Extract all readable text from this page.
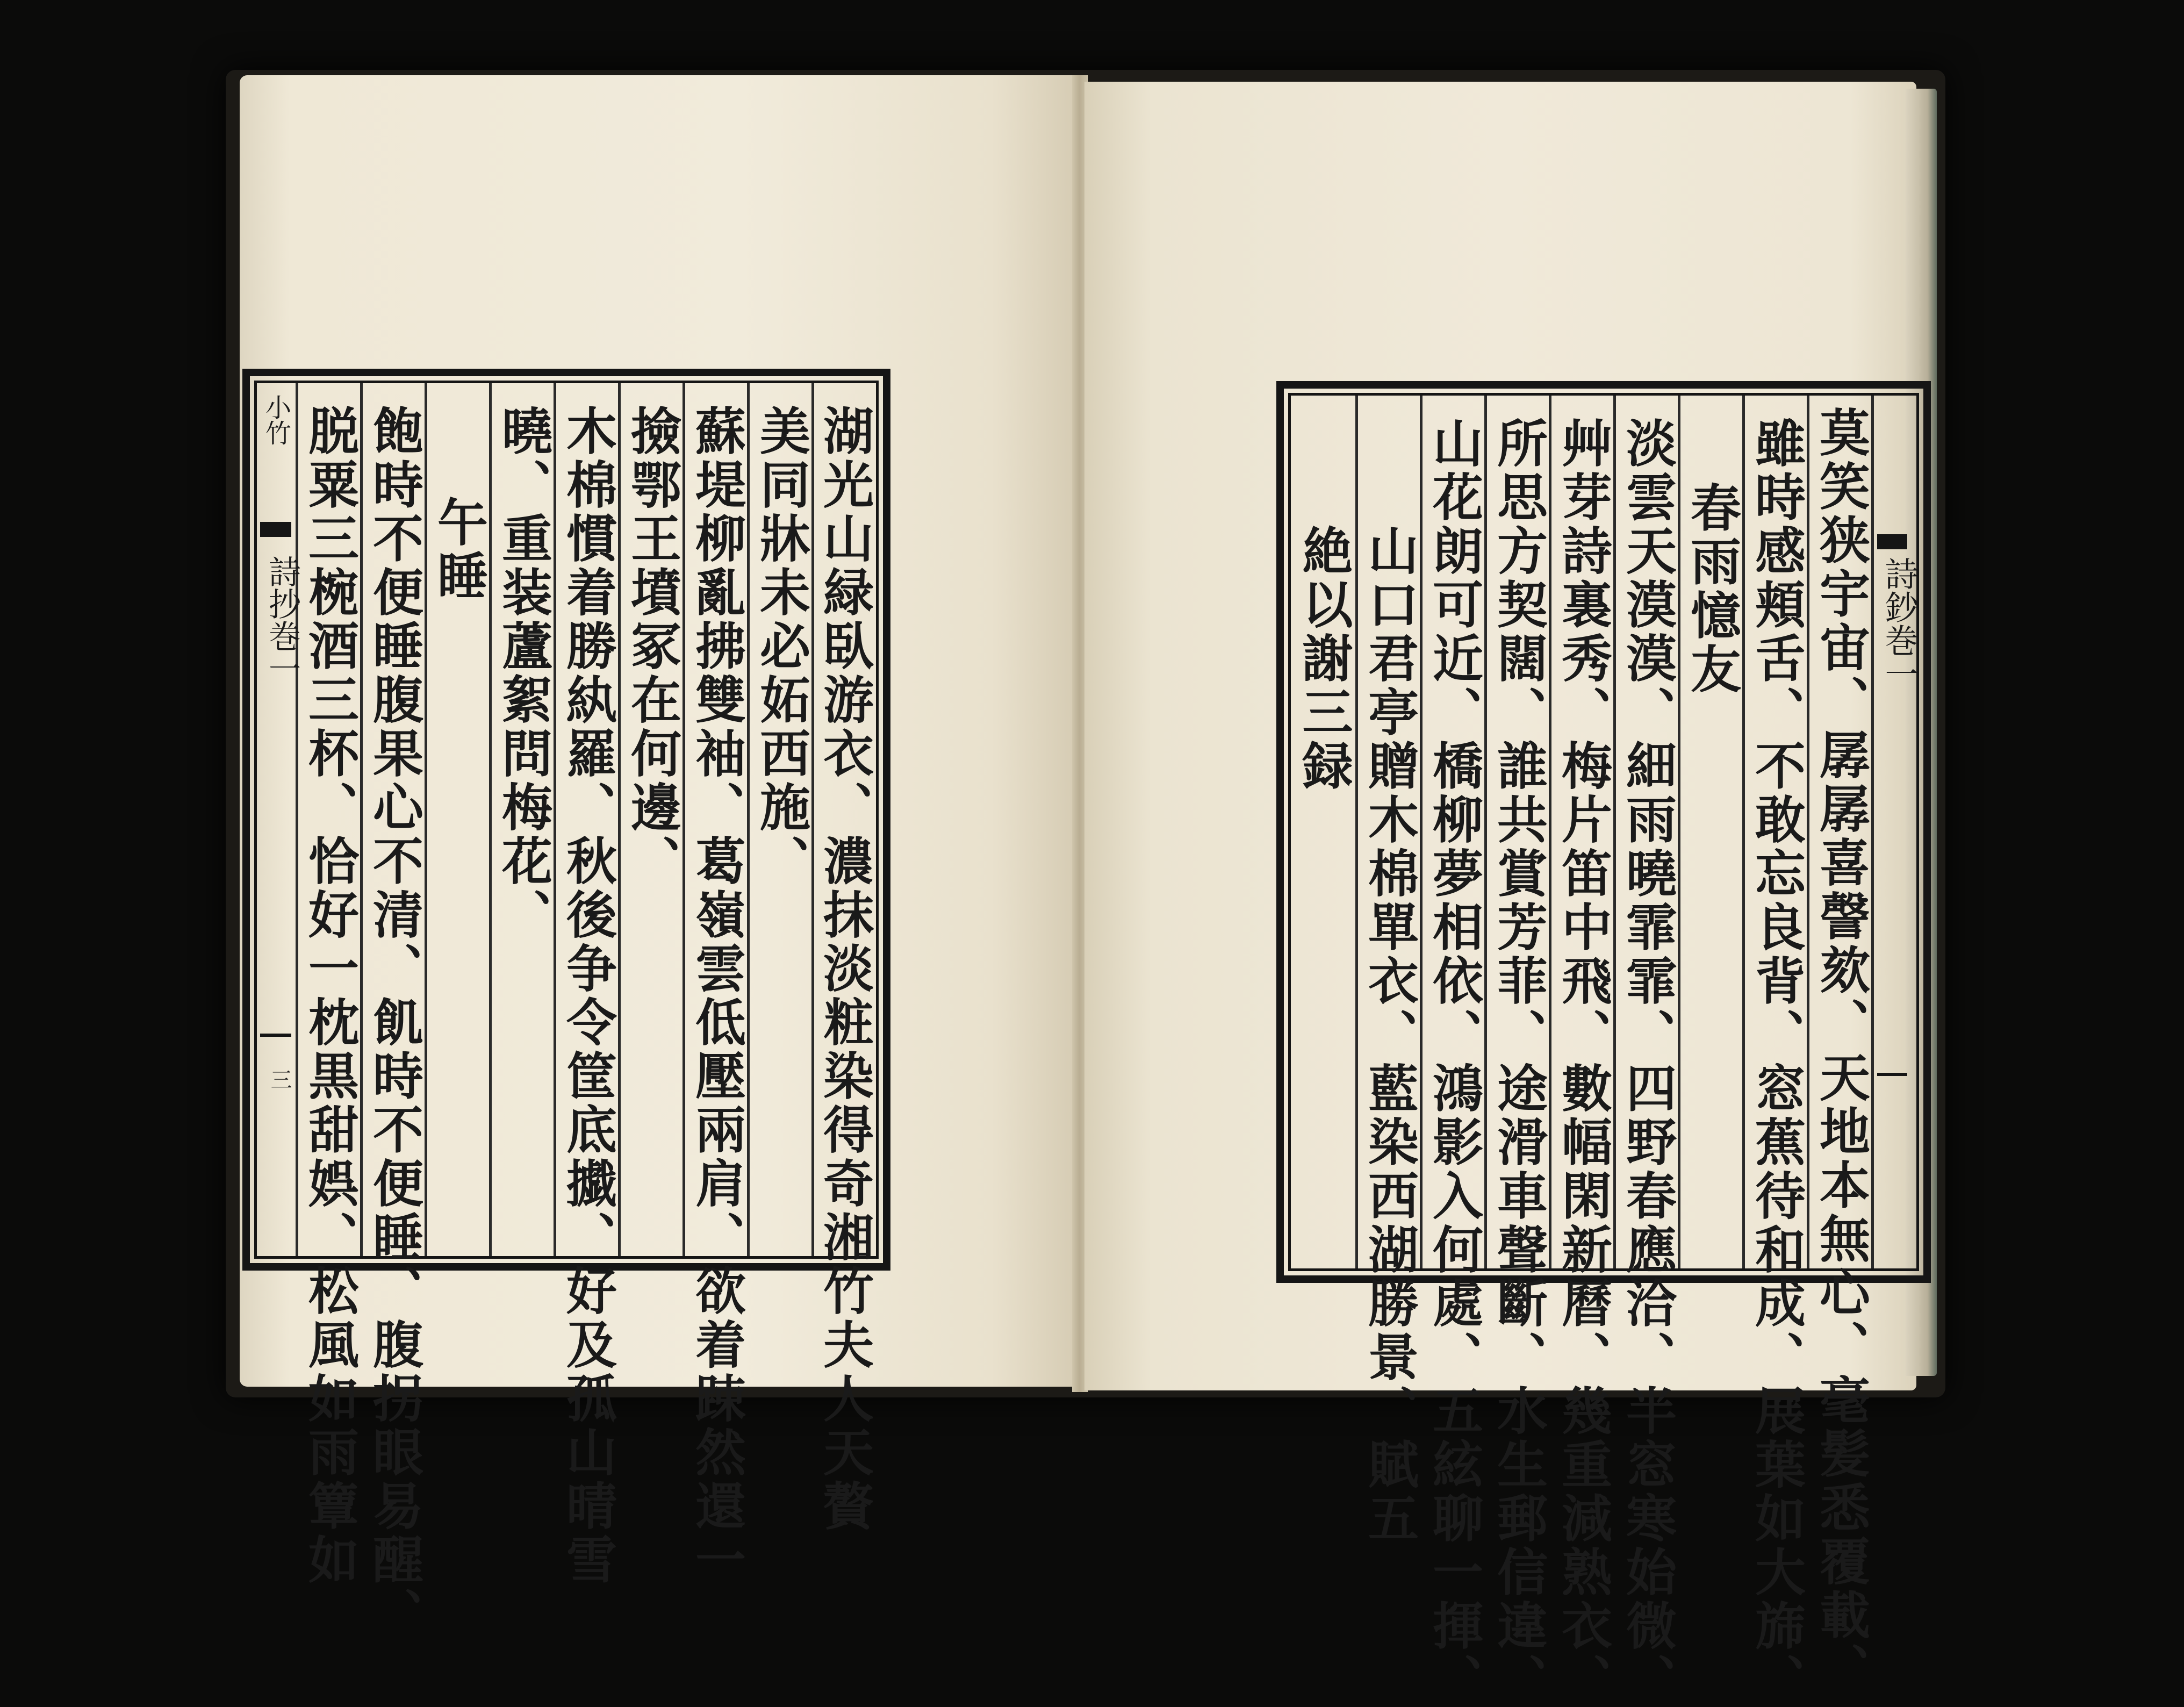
湖光山緑臥游衣、濃抹淡粧染得奇湘竹夫人天贅
美同牀未必妬西施、
蘇堤柳亂拂雙袖、葛嶺雲低壓兩肩、欲着踈然還一
撿鄂王墳冢在何邊、
木棉慣着勝紈羅、秋後争令筐底㩬、好及孤山晴雪
曉、重装蘆絮問梅花、
午睡
飽時不便睡腹果心不清、飢時不便睡、腹拐眼易醒、
脱粟三椀酒三杯、恰好一枕黒甜娯、松風如雨簟如
小竹
詩抄巻一
三
詩鈔巻一
莫笑狭宇宙、孱孱喜謦欬、天地本無心、毫髪悉覆載、
雖時感頬舌、不敢忘良背、窓蕉待和成、展葉如大旆、
春雨憶友
淡雲天漠漠、細雨曉霏霏、四野春應洽、半窓寒始微、
艸芽詩裏秀、梅片笛中飛、數幅閑新曆、幾重減熟衣、
所思方契闊、誰共賞芳菲、途滑車聲斷、水生郵信違、
山花朗可近、橋柳夢相依、鴻影入何處、五絃聊一揮、
山口君亭贈木棉單衣、藍染西湖勝景、賦五
絶以謝三録
